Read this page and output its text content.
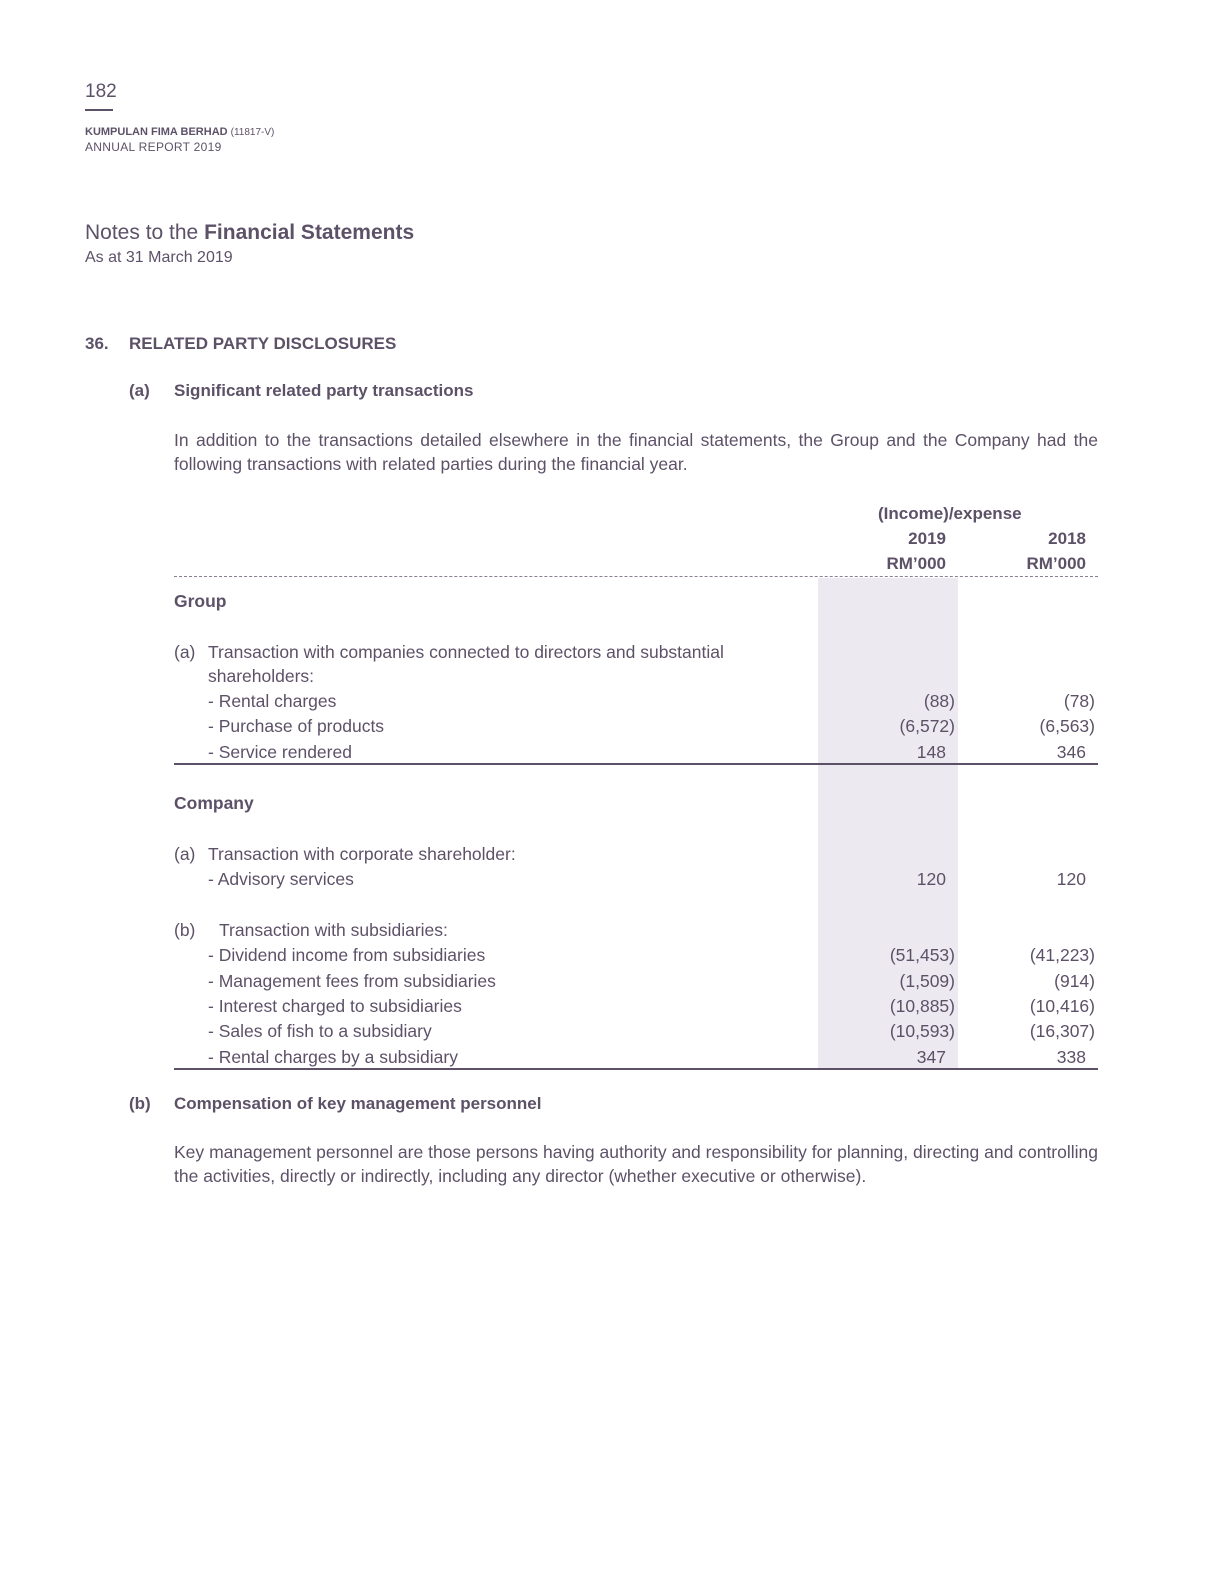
182
KUMPULAN FIMA BERHAD (11817-V)
ANNUAL REPORT 2019
Notes to the Financial Statements
As at 31 March 2019
36. RELATED PARTY DISCLOSURES
(a) Significant related party transactions
In addition to the transactions detailed elsewhere in the financial statements, the Group and the Company had the following transactions with related parties during the financial year.
(Income)/expense
2019	2018
RM’000	RM’000
Group
(a) Transaction with companies connected to directors and substantial
shareholders:
- Rental charges	(88)	(78)
- Purchase of products	(6,572)	(6,563)
- Service rendered	148	346
Company
(a) Transaction with corporate shareholder:
- Advisory services	120	120
(b) Transaction with subsidiaries:
- Dividend income from subsidiaries	(51,453)	(41,223)
- Management fees from subsidiaries	(1,509)	(914)
- Interest charged to subsidiaries	(10,885)	(10,416)
- Sales of fish to a subsidiary	(10,593)	(16,307)
- Rental charges by a subsidiary	347	338
(b) Compensation of key management personnel
Key management personnel are those persons having authority and responsibility for planning, directing and controlling the activities, directly or indirectly, including any director (whether executive or otherwise).
